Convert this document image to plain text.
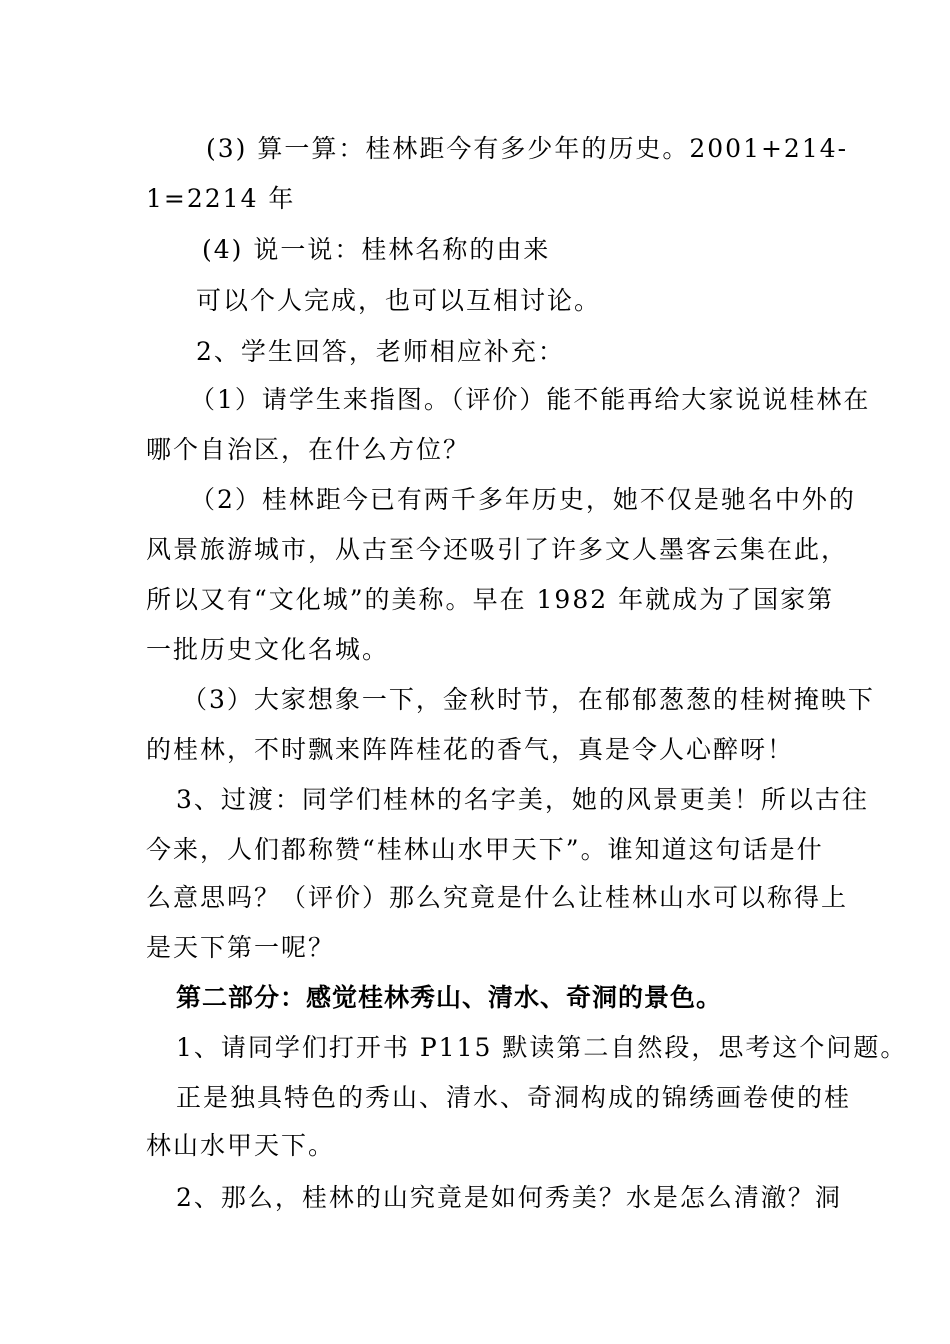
(3) 算一算：桂林距今有多少年的历史。2001+214-
1=2214 年
(4) 说一说：桂林名称的由来
可以个人完成，也可以互相讨论。
2、学生回答，老师相应补充：
（1）请学生来指图。（评价）能不能再给大家说说桂林在
哪个自治区，在什么方位？
（2）桂林距今已有两千多年历史，她不仅是驰名中外的
风景旅游城市，从古至今还吸引了许多文人墨客云集在此，
所以又有“文化城”的美称。早在 1982 年就成为了国家第
一批历史文化名城。
（3）大家想象一下，金秋时节，在郁郁葱葱的桂树掩映下
的桂林，不时飘来阵阵桂花的香气，真是令人心醉呀！
3、过渡：同学们桂林的名字美，她的风景更美！所以古往
今来，人们都称赞“桂林山水甲天下”。谁知道这句话是什
么意思吗？（评价）那么究竟是什么让桂林山水可以称得上
是天下第一呢？
第二部分：感觉桂林秀山、清水、奇洞的景色。
1、请同学们打开书 P115 默读第二自然段，思考这个问题。
正是独具特色的秀山、清水、奇洞构成的锦绣画卷使的桂
林山水甲天下。
2、那么，桂林的山究竟是如何秀美？水是怎么清澈？洞
